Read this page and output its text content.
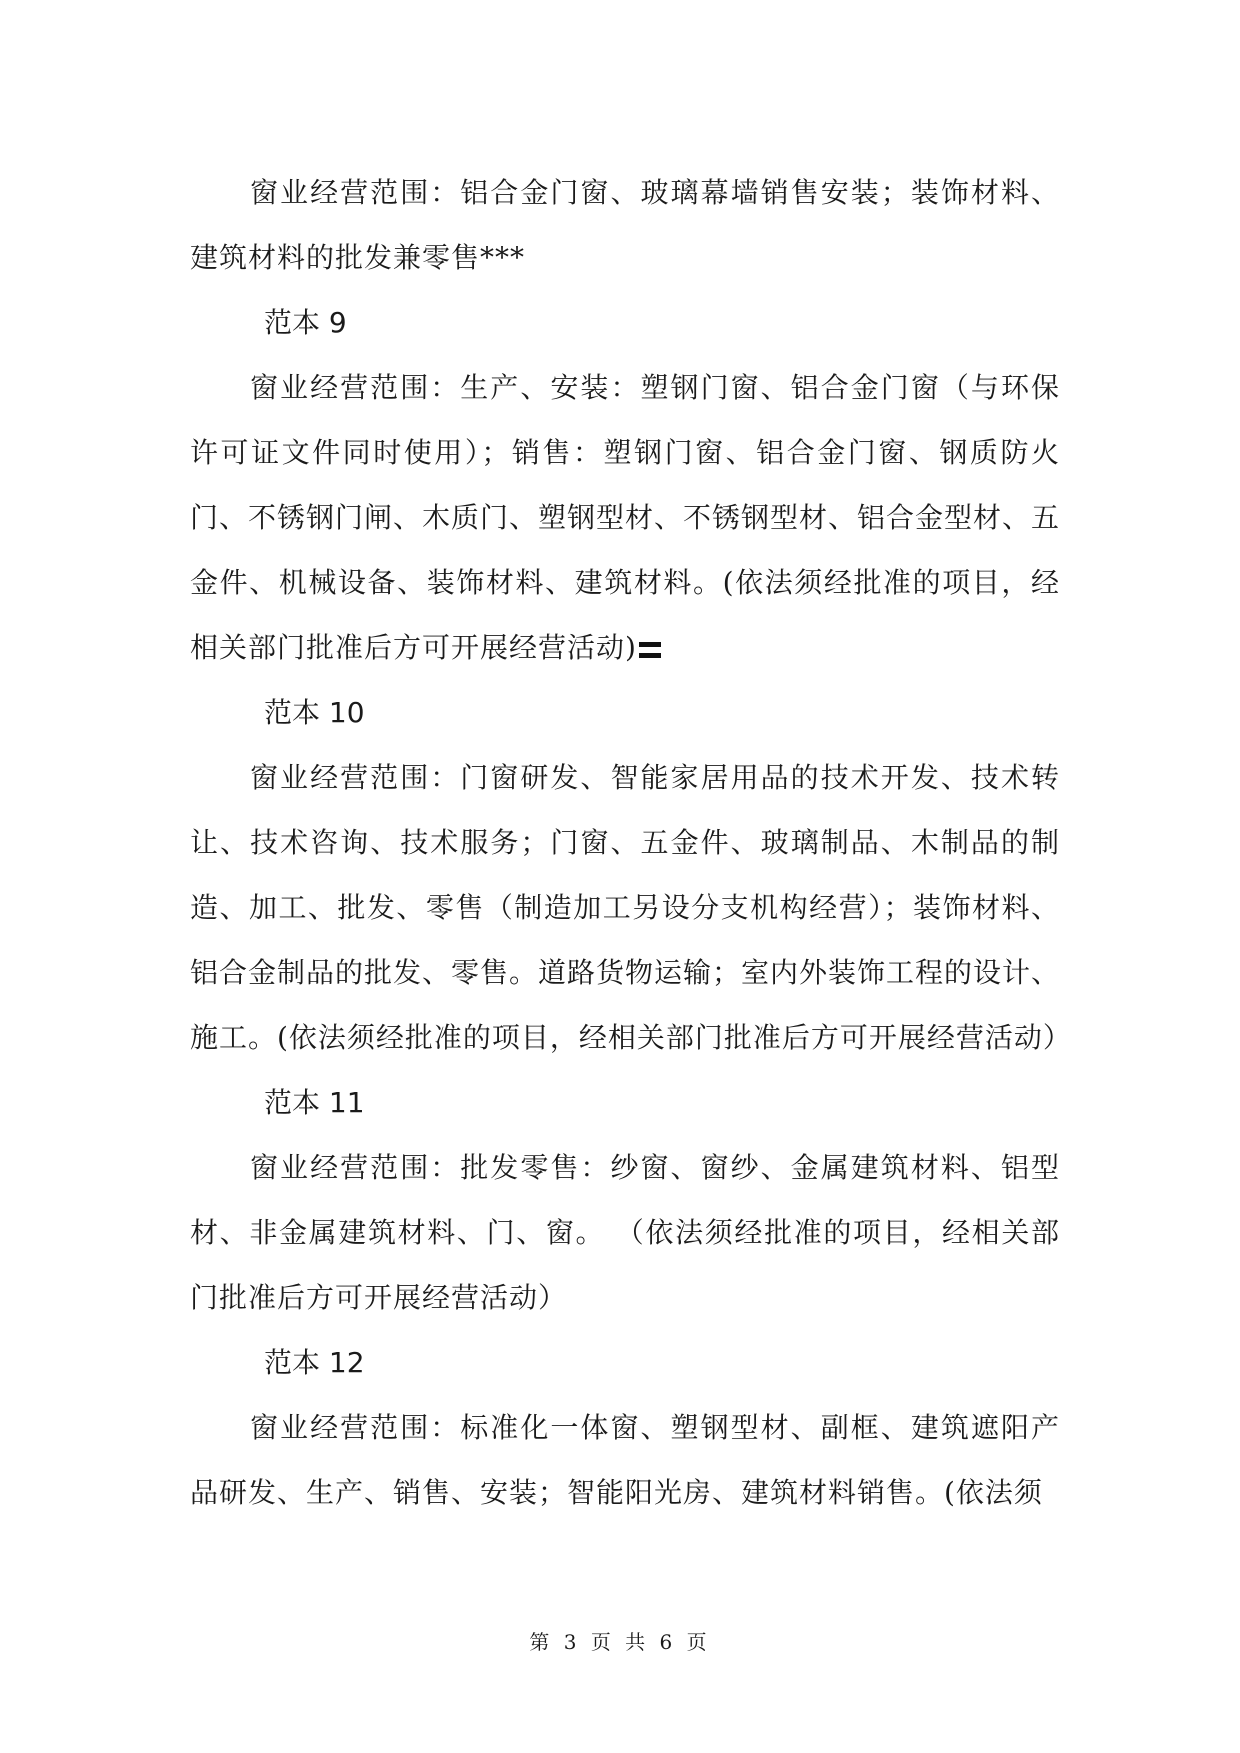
窗业经营范围：铝合金门窗、玻璃幕墙销售安装；装饰材料、建筑材料的批发兼零售***

范本 9

窗业经营范围：生产、安装：塑钢门窗、铝合金门窗（与环保许可证文件同时使用）；销售：塑钢门窗、铝合金门窗、钢质防火门、不锈钢门闸、木质门、塑钢型材、不锈钢型材、铝合金型材、五金件、机械设备、装饰材料、建筑材料。(依法须经批准的项目，经相关部门批准后方可开展经营活动)

范本 10

窗业经营范围：门窗研发、智能家居用品的技术开发、技术转让、技术咨询、技术服务；门窗、五金件、玻璃制品、木制品的制造、加工、批发、零售（制造加工另设分支机构经营）；装饰材料、铝合金制品的批发、零售。道路货物运输；室内外装饰工程的设计、施工。(依法须经批准的项目，经相关部门批准后方可开展经营活动）

范本 11

窗业经营范围：批发零售：纱窗、窗纱、金属建筑材料、铝型材、非金属建筑材料、门、窗。 （依法须经批准的项目，经相关部门批准后方可开展经营活动）

范本 12

窗业经营范围：标准化一体窗、塑钢型材、副框、建筑遮阳产品研发、生产、销售、安装；智能阳光房、建筑材料销售。(依法须

第 3 页 共 6 页
